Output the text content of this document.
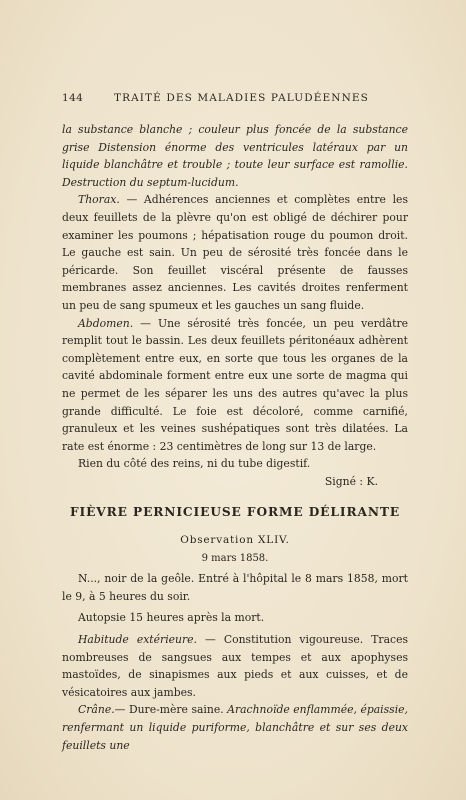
144	TRAITÉ DES MALADIES PALUDÉENNES

la substance blanche ; couleur plus foncée de la substance grise Distension énorme des ventricules latéraux par un liquide blanchâtre et trouble ; toute leur surface est ramollie. Destruction du septum-lucidum.

Thorax. — Adhérences anciennes et complètes entre les deux feuillets de la plèvre qu'on est obligé de déchirer pour examiner les poumons ; hépatisation rouge du poumon droit. Le gauche est sain. Un peu de sérosité très foncée dans le péricarde. Son feuillet viscéral présente de fausses membranes assez anciennes. Les cavités droites renferment un peu de sang spumeux et les gauches un sang fluide.

Abdomen. — Une sérosité très foncée, un peu verdâtre remplit tout le bassin. Les deux feuillets péritonéaux adhèrent complètement entre eux, en sorte que tous les organes de la cavité abdominale forment entre eux une sorte de magma qui ne permet de les séparer les uns des autres qu'avec la plus grande difficulté. Le foie est décoloré, comme carnifié, granuleux et les veines sushépatiques sont très dilatées. La rate est énorme : 23 centimètres de long sur 13 de large.

Rien du côté des reins, ni du tube digestif.

Signé : K.

FIÈVRE PERNICIEUSE FORME DÉLIRANTE
Observation XLIV.
9 mars 1858.

N..., noir de la geôle. Entré à l'hôpital le 8 mars 1858, mort le 9, à 5 heures du soir.

Autopsie 15 heures après la mort.

Habitude extérieure. — Constitution vigoureuse. Traces nombreuses de sangsues aux tempes et aux apophyses mastoïdes, de sinapismes aux pieds et aux cuisses, et de vésicatoires aux jambes.

Crâne.— Dure-mère saine. Arachnoïde enflammée, épaissie, renfermant un liquide puriforme, blanchâtre et sur ses deux feuillets une
